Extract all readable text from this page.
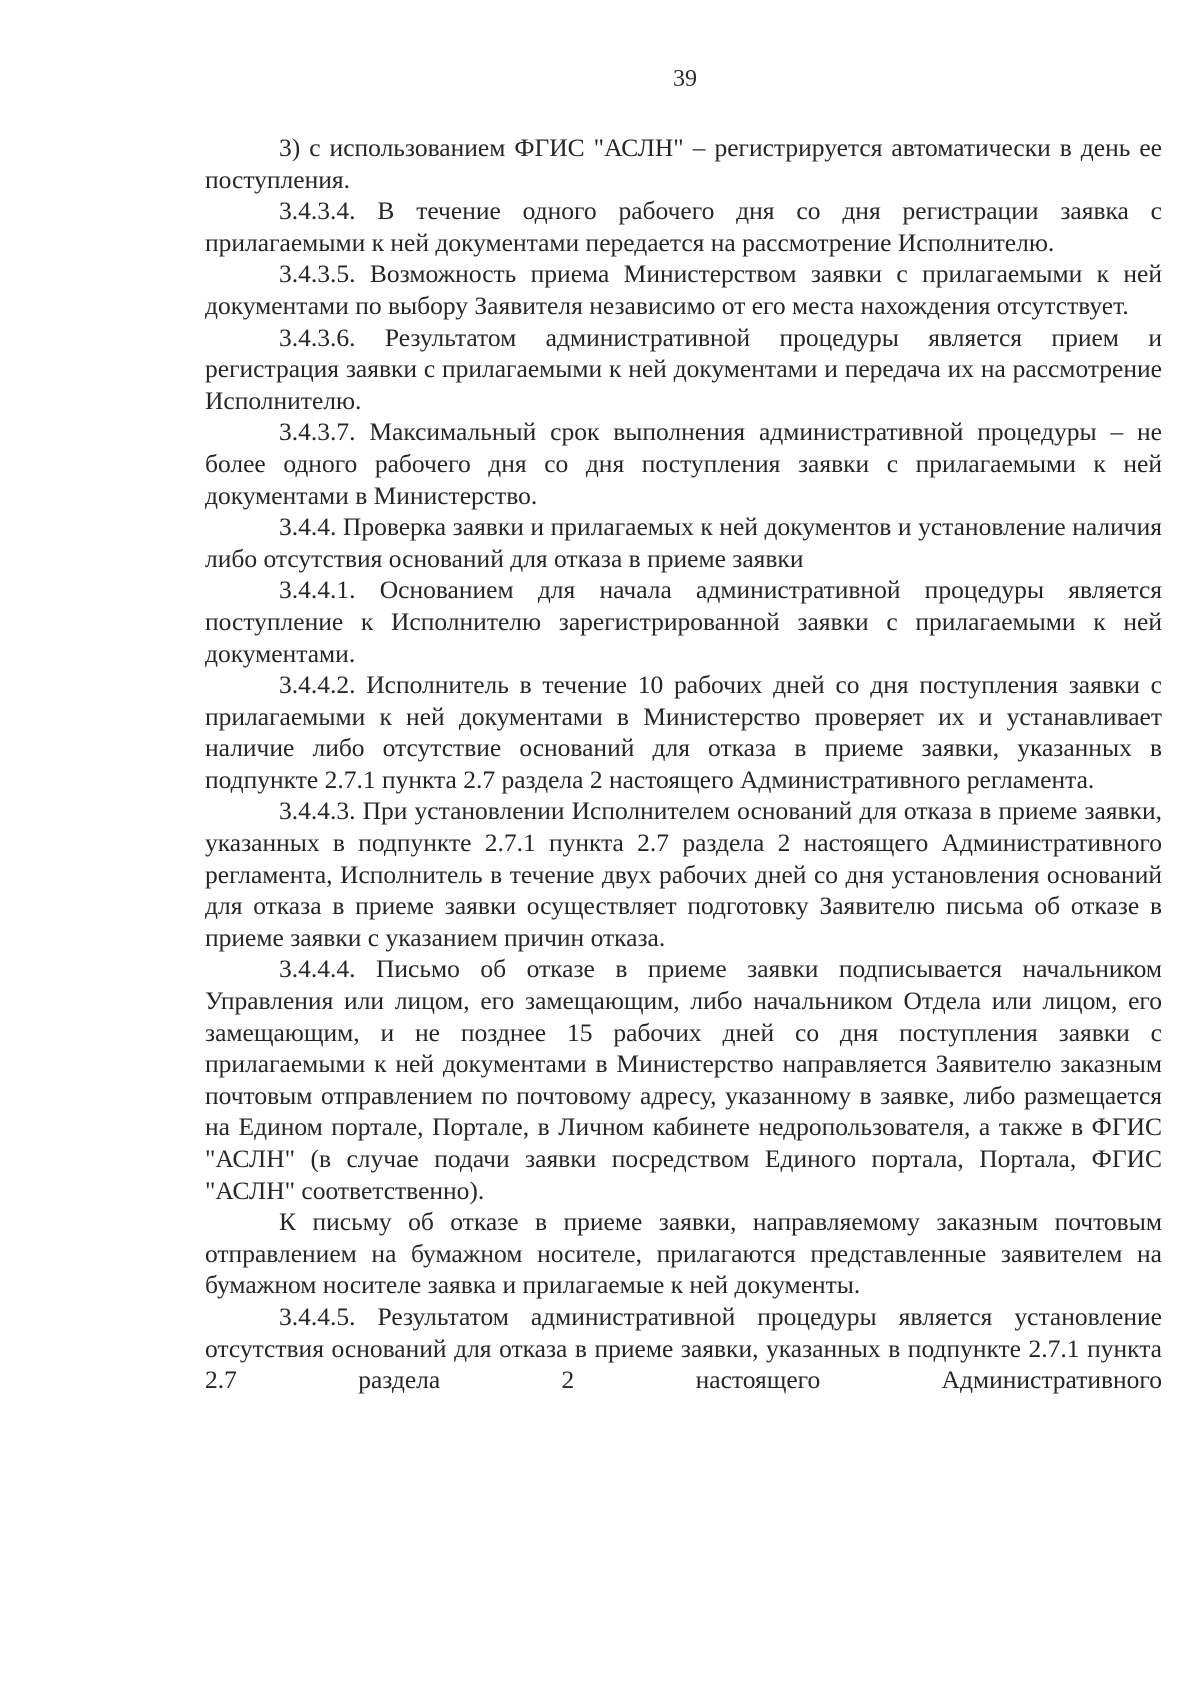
39

3) с использованием ФГИС "АСЛН" – регистрируется автоматически в день ее поступления.

3.4.3.4. В течение одного рабочего дня со дня регистрации заявка с прилагаемыми к ней документами передается на рассмотрение Исполнителю.

3.4.3.5. Возможность приема Министерством заявки с прилагаемыми к ней документами по выбору Заявителя независимо от его места нахождения отсутствует.

3.4.3.6. Результатом административной процедуры является прием и регистрация заявки с прилагаемыми к ней документами и передача их на рассмотрение Исполнителю.

3.4.3.7. Максимальный срок выполнения административной процедуры – не более одного рабочего дня со дня поступления заявки с прилагаемыми к ней документами в Министерство.

3.4.4. Проверка заявки и прилагаемых к ней документов и установление наличия либо отсутствия оснований для отказа в приеме заявки

3.4.4.1. Основанием для начала административной процедуры является поступление к Исполнителю зарегистрированной заявки с прилагаемыми к ней документами.

3.4.4.2. Исполнитель в течение 10 рабочих дней со дня поступления заявки с прилагаемыми к ней документами в Министерство проверяет их и устанавливает наличие либо отсутствие оснований для отказа в приеме заявки, указанных в подпункте 2.7.1 пункта 2.7 раздела 2 настоящего Административного регламента.

3.4.4.3. При установлении Исполнителем оснований для отказа в приеме заявки, указанных в подпункте 2.7.1 пункта 2.7 раздела 2 настоящего Административного регламента, Исполнитель в течение двух рабочих дней со дня установления оснований для отказа в приеме заявки осуществляет подготовку Заявителю письма об отказе в приеме заявки с указанием причин отказа.

3.4.4.4. Письмо об отказе в приеме заявки подписывается начальником Управления или лицом, его замещающим, либо начальником Отдела или лицом, его замещающим, и не позднее 15 рабочих дней со дня поступления заявки с прилагаемыми к ней документами в Министерство направляется Заявителю заказным почтовым отправлением по почтовому адресу, указанному в заявке, либо размещается на Едином портале, Портале, в Личном кабинете недропользователя, а также в ФГИС "АСЛН" (в случае подачи заявки посредством Единого портала, Портала, ФГИС "АСЛН" соответственно).

К письму об отказе в приеме заявки, направляемому заказным почтовым отправлением на бумажном носителе, прилагаются представленные заявителем на бумажном носителе заявка и прилагаемые к ней документы.

3.4.4.5. Результатом административной процедуры является установление отсутствия оснований для отказа в приеме заявки, указанных в подпункте 2.7.1 пункта 2.7 раздела 2 настоящего Административного
